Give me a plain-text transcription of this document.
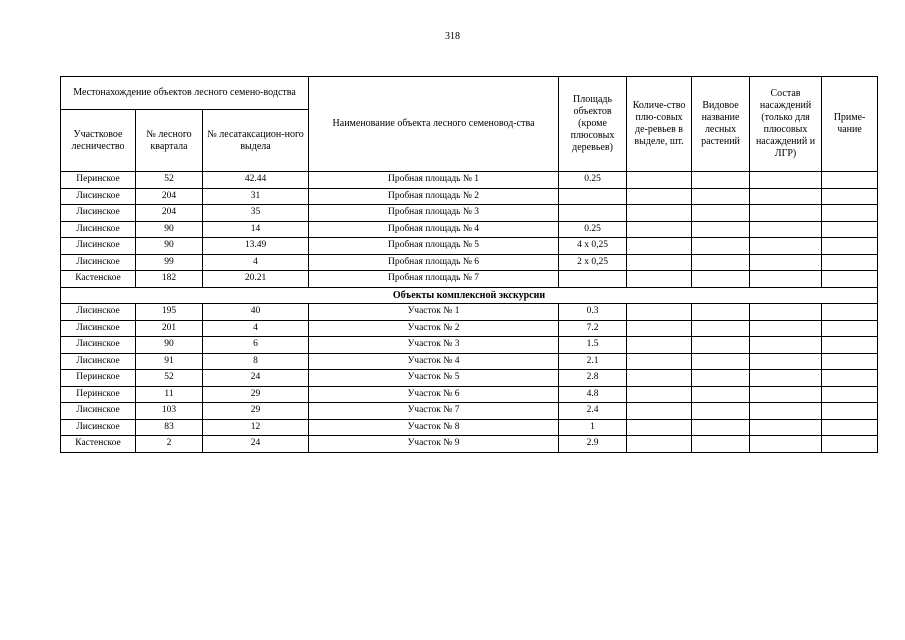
318
Местонахождение объектов лесного семено-водства			Наименование объекта лесного семеновод-ства	Площадь объектов (кроме плюсовых деревьев)	Количе-ство плю-совых де-ревьев в выделе, шт.	Видовое название лесных растений	Состав насаждений (только для плюсовых насаждений и ЛГР)	Приме-чание
Участковое лесничество	№ лесного квартала	№ лесатаксацион-ного выдела						
Перинское	52	42.44	Пробная площадь № 1	0.25				
Лисинское	204	31	Пробная площадь № 2					
Лисинское	204	35	Пробная площадь № 3					
Лисинское	90	14	Пробная площадь № 4	0.25				
Лисинское	90	13.49	Пробная площадь № 5	4 x 0,25				
Лисинское	99	4	Пробная площадь № 6	2 x 0,25				
Кастенское	182	20.21	Пробная площадь № 7					
Объекты комплексной экскурсии								
Лисинское	195	40	Участок № 1	0.3				
Лисинское	201	4	Участок № 2	7.2				
Лисинское	90	6	Участок № 3	1.5				
Лисинское	91	8	Участок № 4	2.1				
Перинское	52	24	Участок № 5	2.8				
Перинское	11	29	Участок № 6	4.8				
Лисинское	103	29	Участок № 7	2.4				
Лисинское	83	12	Участок № 8	1				
Кастенское	2	24	Участок № 9	2.9				
